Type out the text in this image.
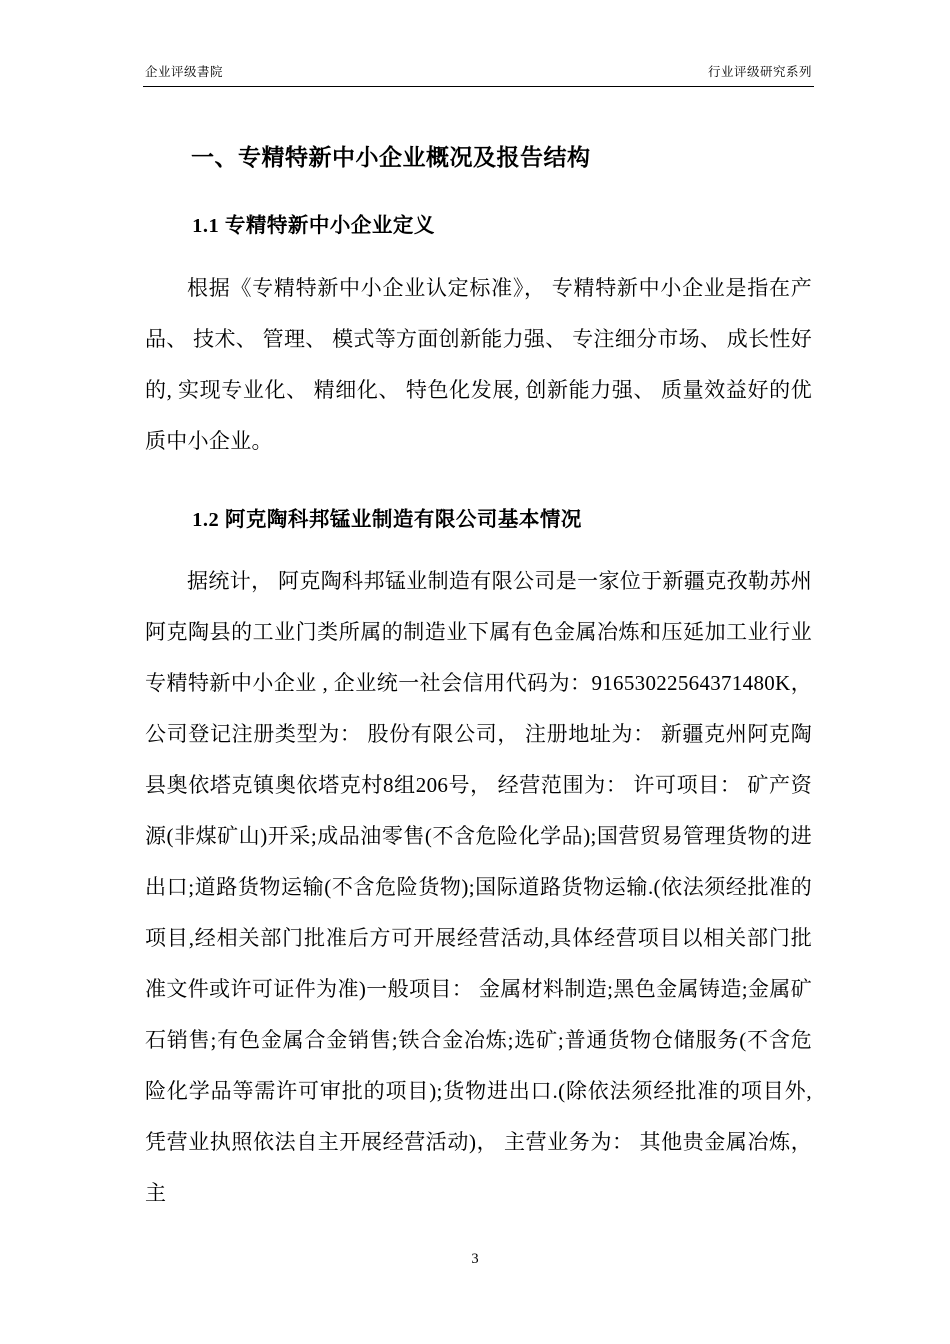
企业评级書院	行业评级研究系列
一、专精特新中小企业概况及报告结构
1.1 专精特新中小企业定义

根据《专精特新中小企业认定标准》， 专精特新中小企业是指在产品、 技术、 管理、 模式等方面创新能力强、 专注细分市场、 成长性好的, 实现专业化、 精细化、 特色化发展, 创新能力强、 质量效益好的优质中小企业。

1.2 阿克陶科邦锰业制造有限公司基本情况

据统计， 阿克陶科邦锰业制造有限公司是一家位于新疆克孜勒苏州阿克陶县的工业门类所属的制造业下属有色金属冶炼和压延加工业行业专精特新中小企业 , 企业统一社会信用代码为：91653022564371480K， 公司登记注册类型为： 股份有限公司， 注册地址为： 新疆克州阿克陶县奥依塔克镇奥依塔克村8组206号， 经营范围为： 许可项目： 矿产资源(非煤矿山)开采;成品油零售(不含危险化学品);国营贸易管理货物的进出口;道路货物运输(不含危险货物);国际道路货物运输.(依法须经批准的项目,经相关部门批准后方可开展经营活动,具体经营项目以相关部门批准文件或许可证件为准)一般项目： 金属材料制造;黑色金属铸造;金属矿石销售;有色金属合金销售;铁合金冶炼;选矿;普通货物仓储服务(不含危险化学品等需许可审批的项目);货物进出口.(除依法须经批准的项目外,凭营业执照依法自主开展经营活动)， 主营业务为： 其他贵金属冶炼， 主

3
